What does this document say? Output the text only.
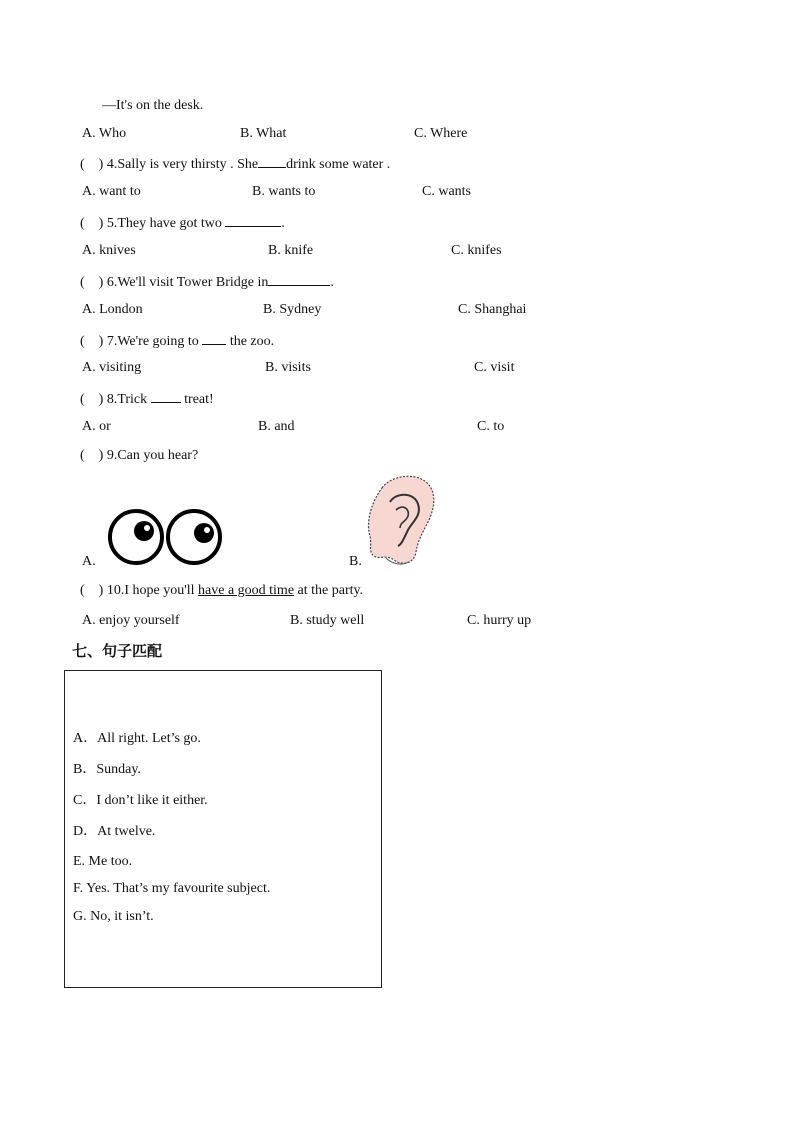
—It's on the desk.
A. Who	B. What	C. Where
(　) 4.Sally is very thirsty . She drink some water .
A. want to	B. wants to	C. wants
(　) 5.They have got two	.
A. knives	B. knife	C. knifes
(　) 6.We'll visit Tower Bridge in	.
A. London	B. Sydney	C. Shanghai
(　) 7.We're going to the zoo.
A. visiting	B. visits	C. visit
(　) 8.Trick	treat!
A. or	B. and	C. to
(　) 9.Can you hear?
A.	B.
(　) 10.I hope you'll have a good time at the party.
A. enjoy yourself	B. study well	C. hurry up
七、句子匹配
A．All right. Let’s go.
B．Sunday.
C．I don’t like it either.
D．At twelve.
E. Me too.
F. Yes. That’s my favourite subject.
G. No, it isn’t.
